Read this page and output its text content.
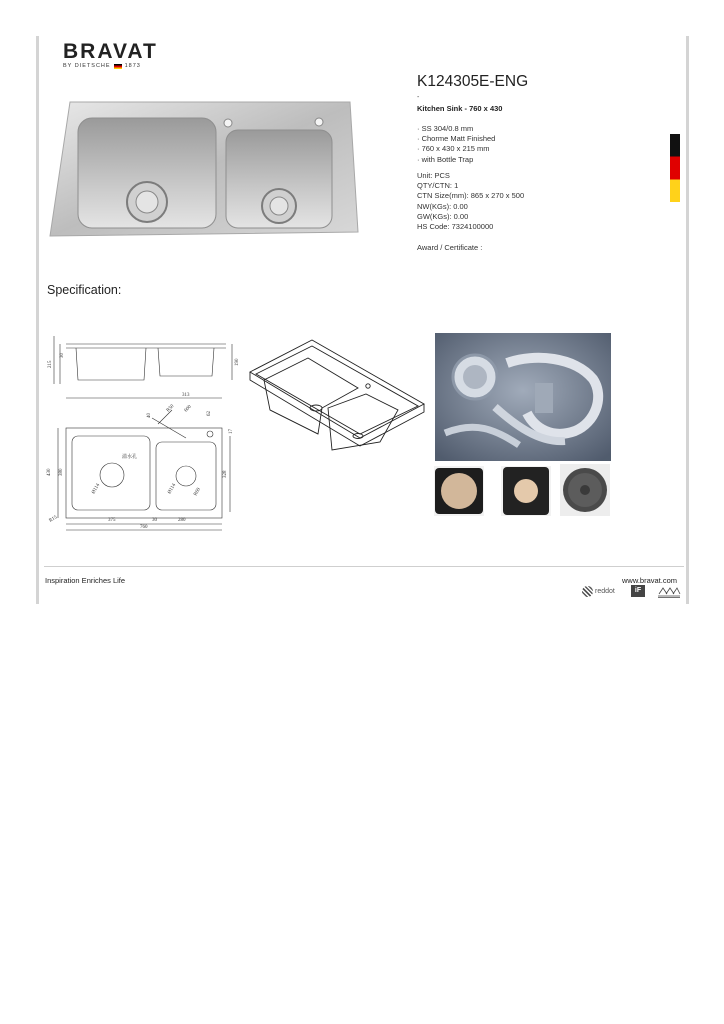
BRAVAT
BY DIETSCHE	1873
K124305E-ENG
-
Kitchen Sink - 760 x 430
· SS 304/0.8 mm
· Chorme Matt Finished
· 760 x 430 x 215 mm
· with Bottle Trap
Unit: PCS
QTY/CTN: 1
CTN Size(mm): 865 x 270 x 500
NW(KGs): 0.00
GW(KGs): 0.00
HS Code: 7324100000
Award / Certificate :
Specification:
215
30
190
313
40
R50 600
62
17
430 380	328
溢水孔
Ø114	Ø114	R60
R15	375	30	280
760
Inspiration Enriches Life	www.bravat.com
reddot	iF
